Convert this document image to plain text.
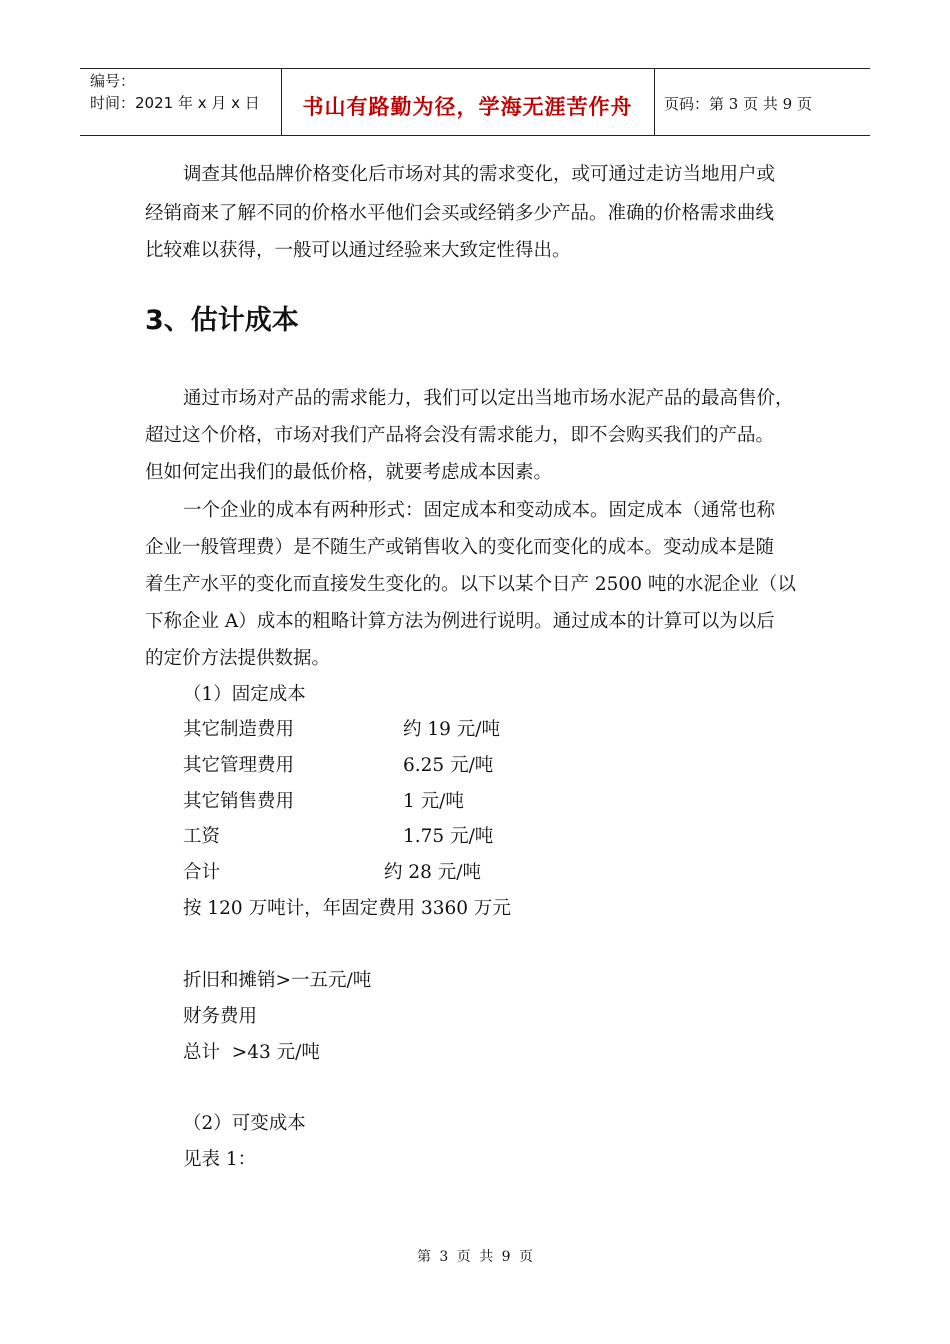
编号：
时间：2021 年 x 月 x 日	书山有路勤为径，学海无涯苦作舟	页码：第 3 页 共 9 页
调查其他品牌价格变化后市场对其的需求变化，或可通过走访当地用户或
经销商来了解不同的价格水平他们会买或经销多少产品。准确的价格需求曲线
比较难以获得，一般可以通过经验来大致定性得出。
3、估计成本
通过市场对产品的需求能力，我们可以定出当地市场水泥产品的最高售价，
超过这个价格，市场对我们产品将会没有需求能力，即不会购买我们的产品。
但如何定出我们的最低价格，就要考虑成本因素。
一个企业的成本有两种形式：固定成本和变动成本。固定成本（通常也称
企业一般管理费）是不随生产或销售收入的变化而变化的成本。变动成本是随
着生产水平的变化而直接发生变化的。以下以某个日产 2500 吨的水泥企业（以
下称企业 A）成本的粗略计算方法为例进行说明。通过成本的计算可以为以后
的定价方法提供数据。
（1）固定成本
其它制造费用	约 19 元/吨
其它管理费用	6.25 元/吨
其它销售费用	1 元/吨
工资	1.75 元/吨
合计	约 28 元/吨
按 120 万吨计，年固定费用 3360 万元
折旧和摊销>一五元/吨
财务费用
总计  >43 元/吨
（2）可变成本
见表 1：
第 3 页 共 9 页
